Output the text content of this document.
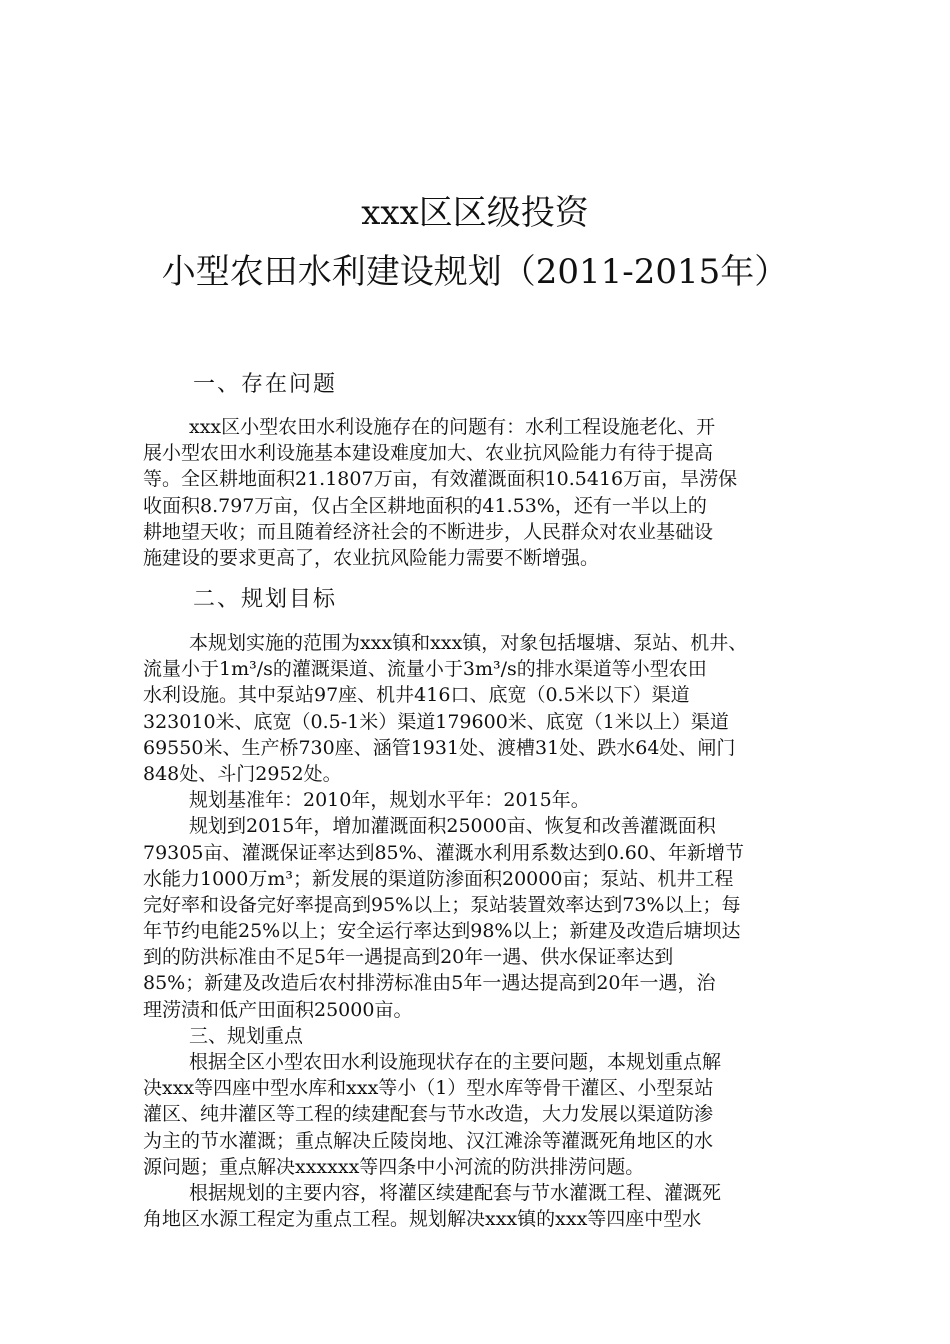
xxx区区级投资
小型农田水利建设规划（2011-2015年）
一、存在问题
xxx区小型农田水利设施存在的问题有：水利工程设施老化、开
展小型农田水利设施基本建设难度加大、农业抗风险能力有待于提高
等。全区耕地面积21.1807万亩，有效灌溉面积10.5416万亩，旱涝保
收面积8.797万亩，仅占全区耕地面积的41.53%，还有一半以上的
耕地望天收；而且随着经济社会的不断进步，人民群众对农业基础设
施建设的要求更高了，农业抗风险能力需要不断增强。
二、规划目标
本规划实施的范围为xxx镇和xxx镇，对象包括堰塘、泵站、机井、
流量小于1m³/s的灌溉渠道、流量小于3m³/s的排水渠道等小型农田
水利设施。其中泵站97座、机井416口、底宽（0.5米以下）渠道
323010米、底宽（0.5-1米）渠道179600米、底宽（1米以上）渠道
69550米、生产桥730座、涵管1931处、渡槽31处、跌水64处、闸门
848处、斗门2952处。
规划基准年：2010年，规划水平年：2015年。
规划到2015年，增加灌溉面积25000亩、恢复和改善灌溉面积
79305亩、灌溉保证率达到85%、灌溉水利用系数达到0.60、年新增节
水能力1000万m³；新发展的渠道防渗面积20000亩；泵站、机井工程
完好率和设备完好率提高到95%以上；泵站装置效率达到73%以上；每
年节约电能25%以上；安全运行率达到98%以上；新建及改造后塘坝达
到的防洪标准由不足5年一遇提高到20年一遇、供水保证率达到
85%；新建及改造后农村排涝标准由5年一遇达提高到20年一遇，治
理涝渍和低产田面积25000亩。
三、规划重点
根据全区小型农田水利设施现状存在的主要问题，本规划重点解
决xxx等四座中型水库和xxx等小（1）型水库等骨干灌区、小型泵站
灌区、纯井灌区等工程的续建配套与节水改造，大力发展以渠道防渗
为主的节水灌溉；重点解决丘陵岗地、汉江滩涂等灌溉死角地区的水
源问题；重点解决xxxxxx等四条中小河流的防洪排涝问题。
根据规划的主要内容，将灌区续建配套与节水灌溉工程、灌溉死
角地区水源工程定为重点工程。规划解决xxx镇的xxx等四座中型水
